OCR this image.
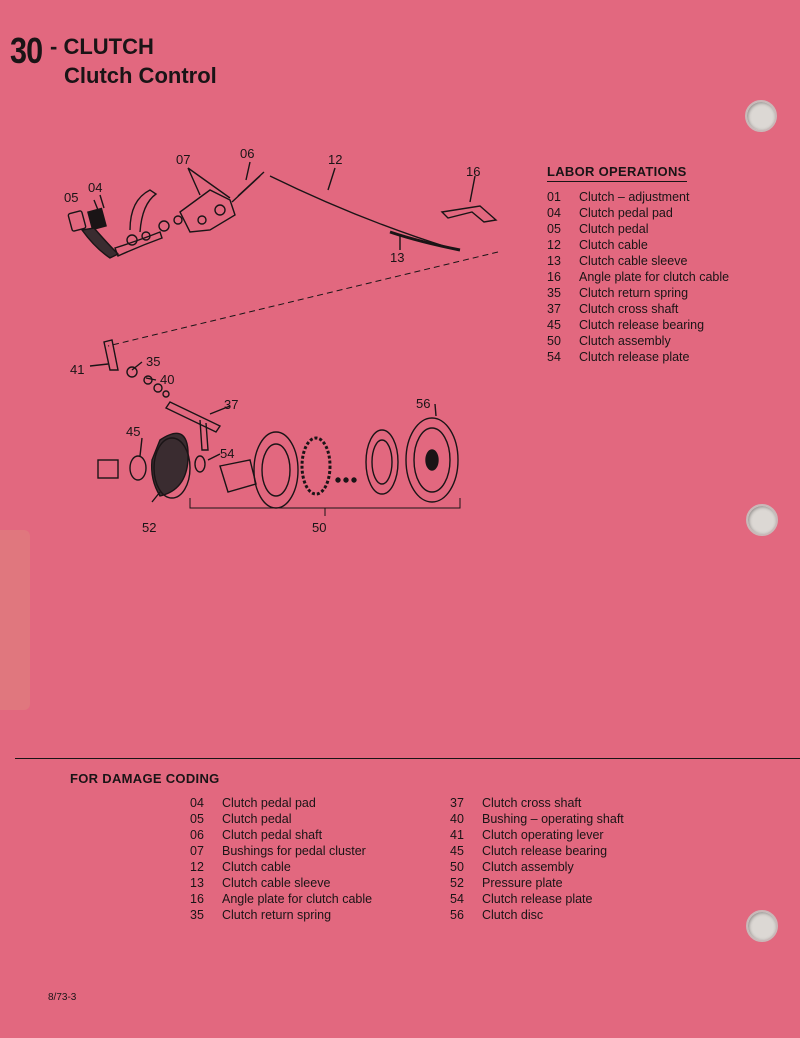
30 - CLUTCH
Clutch Control
07	06	12
16
05
04
13
41
35
40
37	56
45
54
52	50
LABOR OPERATIONS
01	Clutch – adjustment
04	Clutch pedal pad
05	Clutch pedal
12	Clutch cable
13	Clutch cable sleeve
16	Angle plate for clutch cable
35	Clutch return spring
37	Clutch cross shaft
45	Clutch release bearing
50	Clutch assembly
54	Clutch release plate
FOR DAMAGE CODING
04	Clutch pedal pad
05	Clutch pedal
06	Clutch pedal shaft
07	Bushings for pedal cluster
12	Clutch cable
13	Clutch cable sleeve
16	Angle plate for clutch cable
35	Clutch return spring
37	Clutch cross shaft
40	Bushing – operating shaft
41	Clutch operating lever
45	Clutch release bearing
50	Clutch assembly
52	Pressure plate
54	Clutch release plate
56	Clutch disc
8/73-3
